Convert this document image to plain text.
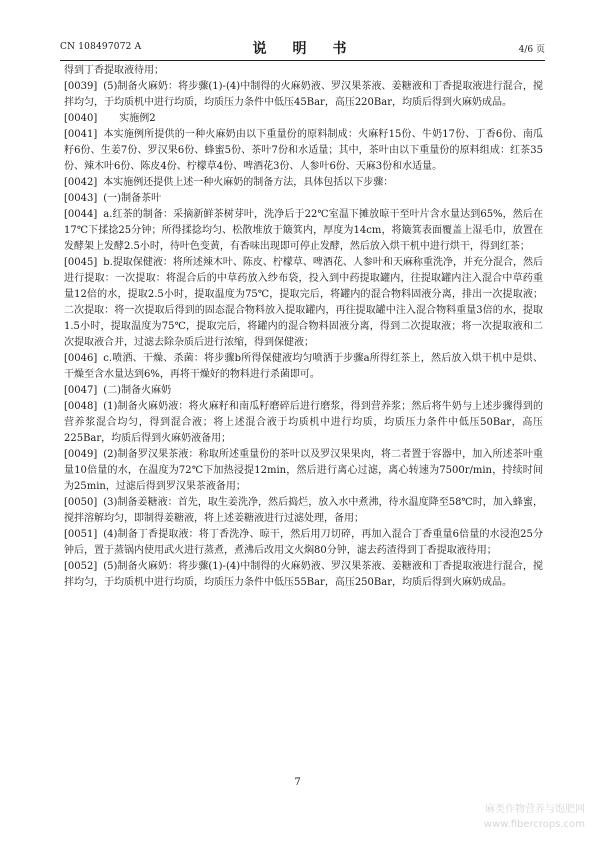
CN 108497072 A	说　明　书	4/6 页

得到丁香提取液待用；

[0039] (5)制备火麻奶：将步骤(1)-(4)中制得的火麻奶液、罗汉果茶液、姜糖液和丁香提取液进行混合，搅拌均匀，于均质机中进行均质，均质压力条件中低压45Bar，高压220Bar，均质后得到火麻奶成品。

[0040] 实施例2

[0041] 本实施例所提供的一种火麻奶由以下重量份的原料制成：火麻籽15份、牛奶17份、丁香6份、南瓜籽6份、生姜7份、罗汉果6份、蜂蜜5份、茶叶7份和水适量；其中，茶叶由以下重量份的原料组成：红茶35份、辣木叶6份、陈皮4份、柠檬草4份、啤酒花3份、人参叶6份、天麻3份和水适量。

[0042] 本实施例还提供上述一种火麻奶的制备方法，具体包括以下步骤：

[0043] (一)制备茶叶

[0044] a.红茶的制备：采摘新鲜茶树芽叶，洗净后于22℃室温下摊放晾干至叶片含水量达到65%，然后在17℃下揉捻25分钟；所得揉捻均匀、松散堆放于簸箕内，厚度为14cm，将簸箕表面覆盖上湿毛巾，放置在发酵架上发酵2.5小时，待叶色变黄，有香味出现即可停止发酵，然后放入烘干机中进行烘干，得到红茶；

[0045] b.提取保健液：将所述辣木叶、陈皮、柠檬草、啤酒花、人参叶和天麻称重洗净，并充分混合，然后进行提取：一次提取：将混合后的中草药放入纱布袋，投入到中药提取罐内，往提取罐内注入混合中草药重量12倍的水，提取2.5小时，提取温度为75℃，提取完后，将罐内的混合物料固液分离，排出一次提取液；二次提取：将一次提取后得到的固态混合物料放入提取罐内，再往提取罐中注入混合物料重量3倍的水，提取1.5小时，提取温度为75℃，提取完后，将罐内的混合物料固液分离，得到二次提取液；将一次提取液和二次提取液合并，过滤去除杂质后进行浓缩，得到保健液；

[0046] c.喷洒、干燥、杀菌：将步骤b所得保健液均匀喷洒于步骤a所得红茶上，然后放入烘干机中是烘、干燥至含水量达到6%，再将干燥好的物料进行杀菌即可。

[0047] (二)制备火麻奶

[0048] (1)制备火麻奶液：将火麻籽和南瓜籽磨碎后进行磨浆，得到营养浆；然后将牛奶与上述步骤得到的营养浆混合均匀，得到混合液；将上述混合液于均质机中进行均质，均质压力条件中低压50Bar，高压225Bar，均质后得到火麻奶液备用；

[0049] (2)制备罗汉果茶液：称取所述重量份的茶叶以及罗汉果果肉，将二者置于容器中，加入所述茶叶重量10倍量的水，在温度为72℃下加热浸提12min，然后进行离心过滤，离心转速为7500r/min，持续时间为25min，过滤后得到罗汉果茶液备用；

[0050] (3)制备姜糖液：首先，取生姜洗净，然后捣烂，放入水中煮沸，待水温度降至58℃时，加入蜂蜜，搅拌溶解均匀，即制得姜糖液，将上述姜糖液进行过滤处理，备用；

[0051] (4)制备丁香提取液：将丁香洗净、晾干，然后用刀切碎，再加入混合丁香重量6倍量的水浸泡25分钟后，置于蒸锅内使用武火进行蒸煮，煮沸后改用文火焖80分钟，滤去药渣得到丁香提取液待用；

[0052] (5)制备火麻奶：将步骤(1)-(4)中制得的火麻奶液、罗汉果茶液、姜糖液和丁香提取液进行混合，搅拌均匀，于均质机中进行均质，均质压力条件中低压55Bar，高压250Bar，均质后得到火麻奶成品。

7
麻类作物营养与饱肥网
www.fibercrops.com
